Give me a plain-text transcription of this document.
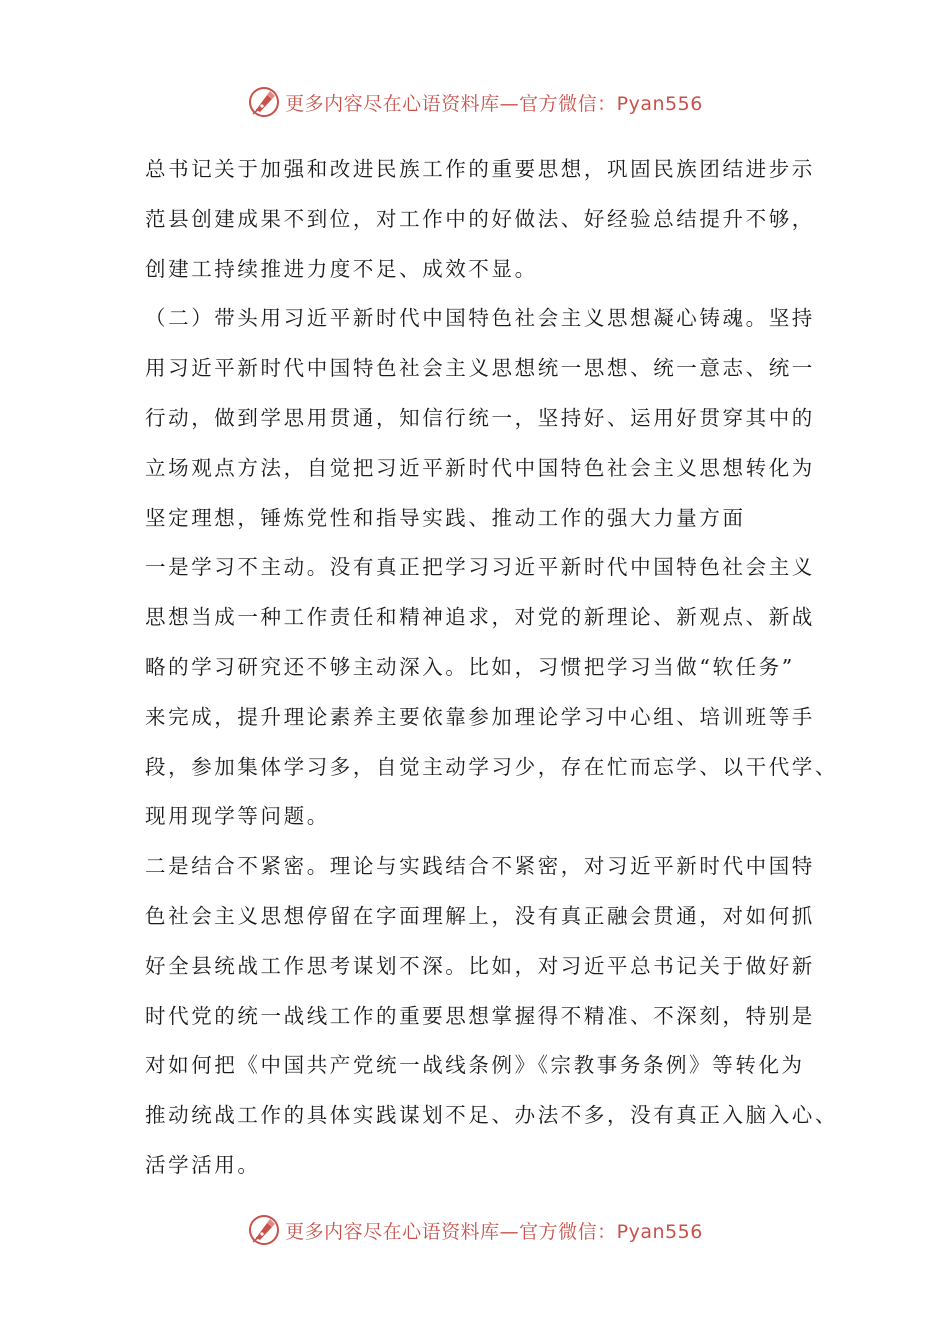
更多内容尽在心语资料库—官方微信：Pyan556
总书记关于加强和改进民族工作的重要思想，巩固民族团结进步示
范县创建成果不到位，对工作中的好做法、好经验总结提升不够，
创建工持续推进力度不足、成效不显。
（二）带头用习近平新时代中国特色社会主义思想凝心铸魂。坚持
用习近平新时代中国特色社会主义思想统一思想、统一意志、统一
行动，做到学思用贯通，知信行统一，坚持好、运用好贯穿其中的
立场观点方法，自觉把习近平新时代中国特色社会主义思想转化为
坚定理想，锤炼党性和指导实践、推动工作的强大力量方面
一是学习不主动。没有真正把学习习近平新时代中国特色社会主义
思想当成一种工作责任和精神追求，对党的新理论、新观点、新战
略的学习研究还不够主动深入。比如，习惯把学习当做“软任务”
来完成，提升理论素养主要依靠参加理论学习中心组、培训班等手
段，参加集体学习多，自觉主动学习少，存在忙而忘学、以干代学、
现用现学等问题。
二是结合不紧密。理论与实践结合不紧密，对习近平新时代中国特
色社会主义思想停留在字面理解上，没有真正融会贯通，对如何抓
好全县统战工作思考谋划不深。比如，对习近平总书记关于做好新
时代党的统一战线工作的重要思想掌握得不精准、不深刻，特别是
对如何把《中国共产党统一战线条例》《宗教事务条例》等转化为
推动统战工作的具体实践谋划不足、办法不多，没有真正入脑入心、
活学活用。
更多内容尽在心语资料库—官方微信：Pyan556
